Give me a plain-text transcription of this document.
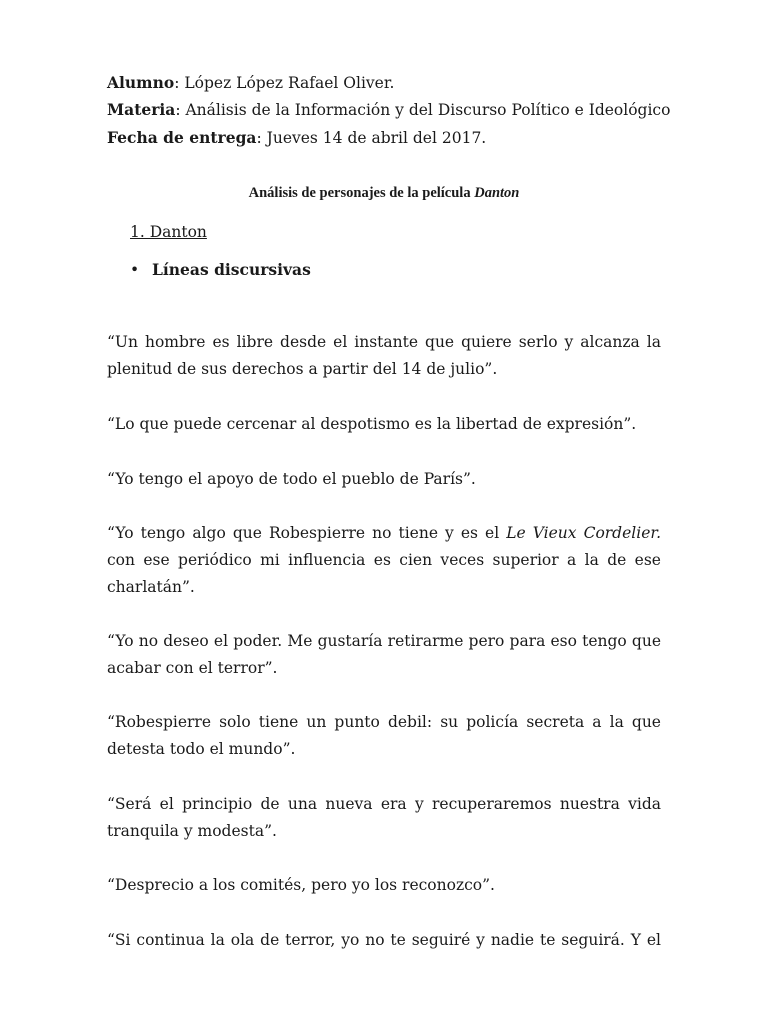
Alumno: López López Rafael Oliver.
Materia: Análisis de la Información y del Discurso Político e Ideológico
Fecha de entrega: Jueves 14 de abril del 2017.
Análisis de personajes de la película Danton
1. Danton
• Líneas discursivas

“Un hombre es libre desde el instante que quiere serlo y alcanza la plenitud de sus derechos a partir del 14 de julio”.

“Lo que puede cercenar al despotismo es la libertad de expresión”.

“Yo tengo el apoyo de todo el pueblo de París”.

“Yo tengo algo que Robespierre no tiene y es el Le Vieux Cordelier. con ese periódico mi influencia es cien veces superior a la de ese charlatán”.

“Yo no deseo el poder. Me gustaría retirarme pero para eso tengo que acabar con el terror”.

“Robespierre solo tiene un punto debil: su policía secreta a la que detesta todo el mundo”.

“Será el principio de una nueva era y recuperaremos nuestra vida tranquila y modesta”.

“Desprecio a los comités, pero yo los reconozco”.

“Si continua la ola de terror, yo no te seguiré y nadie te seguirá. Y el
